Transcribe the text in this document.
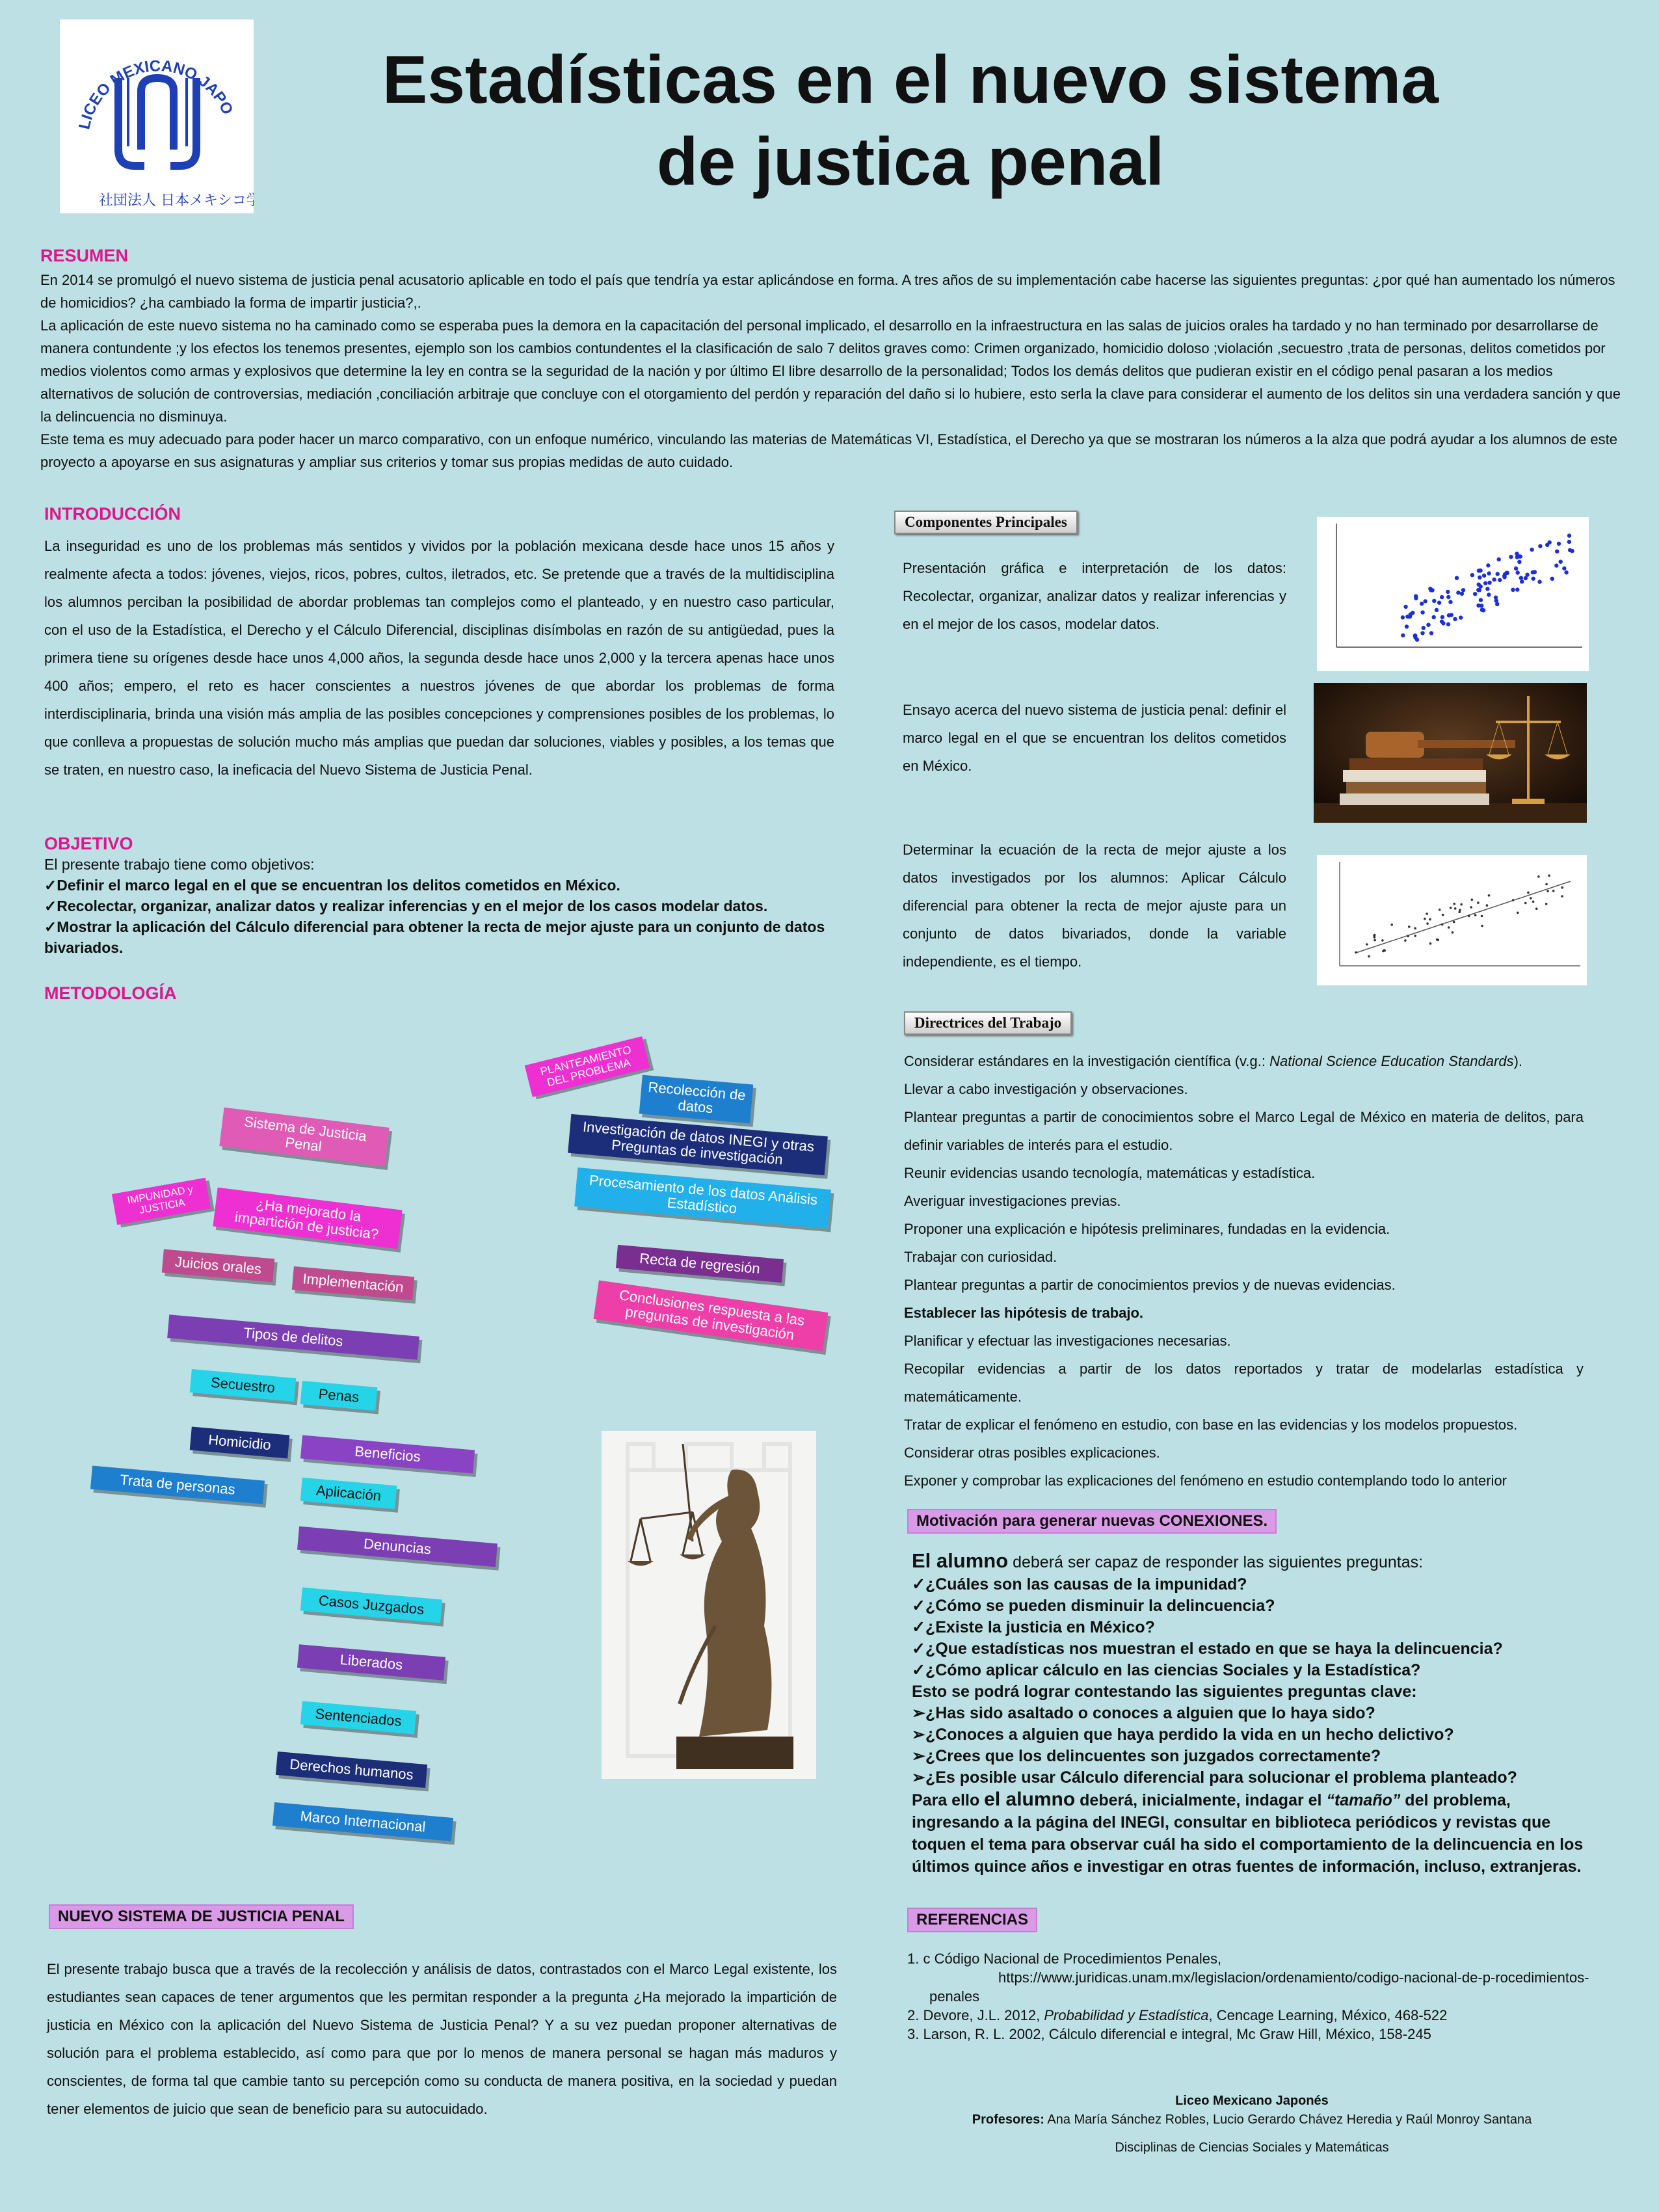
LICEO MEXICANO JAPO
社団法人 日本メキシコ学
Estadísticas en el nuevo sistema
de justica penal
RESUMEN
En 2014 se promulgó el nuevo sistema de justicia penal acusatorio aplicable en todo el país que tendría ya estar aplicándose en forma. A tres años de su implementación cabe hacerse las siguientes preguntas: ¿por qué han aumentado los números de homicidios? ¿ha cambiado la forma de impartir justicia?,.
La aplicación de este nuevo sistema no ha caminado como se esperaba pues la demora en la capacitación del personal implicado, el desarrollo en la infraestructura en las salas de juicios orales ha tardado y no han terminado por desarrollarse de manera contundente ;y los efectos los tenemos presentes, ejemplo son los cambios contundentes el la clasificación de salo 7 delitos graves como: Crimen organizado, homicidio doloso ;violación ,secuestro ,trata de personas, delitos cometidos por medios violentos como armas y explosivos que determine la ley en contra se la seguridad de la nación y por último El libre desarrollo de la personalidad; Todos los demás delitos que pudieran existir en el código penal pasaran a los medios alternativos de solución de controversias, mediación ,conciliación arbitraje que concluye con el otorgamiento del perdón y reparación del daño si lo hubiere, esto serla la clave para considerar el aumento de los delitos sin una verdadera sanción y que la delincuencia no disminuya.
Este tema es muy adecuado para poder hacer un marco comparativo, con un enfoque numérico, vinculando las materias de Matemáticas VI, Estadística, el Derecho ya que se mostraran los números a la alza que podrá ayudar a los alumnos de este proyecto a apoyarse en sus asignaturas y ampliar sus criterios y tomar sus propias medidas de auto cuidado.
INTRODUCCIÓN
La inseguridad es uno de los problemas más sentidos y vividos por la población mexicana desde hace unos 15 años y realmente afecta a todos: jóvenes, viejos, ricos, pobres, cultos, iletrados, etc. Se pretende que a través de la multidisciplina los alumnos perciban la posibilidad de abordar problemas tan complejos como el planteado, y en nuestro caso particular, con el uso de la Estadística, el Derecho y el Cálculo Diferencial, disciplinas disímbolas en razón de su antigüedad, pues la primera tiene su orígenes desde hace unos 4,000 años, la segunda desde hace unos 2,000 y la tercera apenas hace unos 400 años; empero, el reto es hacer conscientes a nuestros jóvenes de que abordar los problemas de forma interdisciplinaria, brinda una visión más amplia de las posibles concepciones y comprensiones posibles de los problemas, lo que conlleva a propuestas de solución mucho más amplias que puedan dar soluciones, viables y posibles, a los temas que se traten, en nuestro caso, la ineficacia del Nuevo Sistema de Justicia Penal.
OBJETIVO
El presente trabajo tiene como objetivos:
✓Definir el marco legal en el que se encuentran los delitos cometidos en México.
✓Recolectar, organizar, analizar datos y realizar inferencias y en el mejor de los casos modelar datos.
✓Mostrar la aplicación del Cálculo diferencial para obtener la recta de mejor ajuste para un conjunto de datos bivariados.
METODOLOGÍA
PLANTEAMIENTO DEL PROBLEMA
Recolección de datos
Investigación de datos INEGI y otras Preguntas de investigación
Procesamiento de los datos Análisis Estadístico
Recta de regresión
Conclusiones respuesta a las preguntas de investigación
Sistema de Justicia Penal
IMPUNIDAD y JUSTICIA	¿Ha mejorado la impartición de justicia?
Juicios orales
Implementación
Tipos de delitos
Secuestro	Penas
Homicidio
Beneficios
Trata de personas	Aplicación
Denuncias
Casos Juzgados
Liberados
Sentenciados
Derechos humanos
Marco Internacional
NUEVO SISTEMA DE JUSTICIA PENAL
El presente trabajo busca que a través de la recolección y análisis de datos, contrastados con el Marco Legal existente, los estudiantes sean capaces de tener argumentos que les permitan responder a la pregunta ¿Ha mejorado la impartición de justicia en México con la aplicación del Nuevo Sistema de Justicia Penal? Y a su vez puedan proponer alternativas de solución para el problema establecido, así como para que por lo menos de manera personal se hagan más maduros y conscientes, de forma tal que cambie tanto su percepción como su conducta de manera positiva, en la sociedad y puedan tener elementos de juicio que sean de beneficio para su autocuidado.
Componentes Principales
Presentación gráfica e interpretación de los datos: Recolectar, organizar, analizar datos y realizar inferencias y en el mejor de los casos, modelar datos.
Ensayo acerca del nuevo sistema de justicia penal: definir el marco legal en el que se encuentran los delitos cometidos en México.
Determinar la ecuación de la recta de mejor ajuste a los datos investigados por los alumnos: Aplicar Cálculo diferencial para obtener la recta de mejor ajuste para un conjunto de datos bivariados, donde la variable independiente, es el tiempo.
Directrices del Trabajo
Considerar estándares en la investigación científica (v.g.: National Science Education Standards).
Llevar a cabo investigación y observaciones.
Plantear preguntas a partir de conocimientos sobre el Marco Legal de México en materia de delitos, para definir variables de interés para el estudio.
Reunir evidencias usando tecnología, matemáticas y estadística.
Averiguar investigaciones previas.
Proponer una explicación e hipótesis preliminares, fundadas en la evidencia.
Trabajar con curiosidad.
Plantear preguntas a partir de conocimientos previos y de nuevas evidencias.
Establecer las hipótesis de trabajo.
Planificar y efectuar las investigaciones necesarias.
Recopilar evidencias a partir de los datos reportados y tratar de modelarlas estadística y matemáticamente.
Tratar de explicar el fenómeno en estudio, con base en las evidencias y los modelos propuestos.
Considerar otras posibles explicaciones.
Exponer y comprobar las explicaciones del fenómeno en estudio contemplando todo lo anterior
Motivación para generar nuevas CONEXIONES.
El alumno deberá ser capaz de responder las siguientes preguntas:
✓¿Cuáles son las causas de la impunidad?
✓¿Cómo se pueden disminuir la delincuencia?
✓¿Existe la justicia en México?
✓¿Que estadísticas nos muestran el estado en que se haya la delincuencia?
✓¿Cómo aplicar cálculo en las ciencias Sociales y la Estadística?
Esto se podrá lograr contestando las siguientes preguntas clave:
➢¿Has sido asaltado o conoces a alguien que lo haya sido?
➢¿Conoces a alguien que haya perdido la vida en un hecho delictivo?
➢¿Crees que los delincuentes son juzgados correctamente?
➢¿Es posible usar Cálculo diferencial para solucionar el problema planteado?
Para ello el alumno deberá, inicialmente, indagar el “tamaño” del problema, ingresando a la página del INEGI, consultar en biblioteca periódicos y revistas que toquen el tema para observar cuál ha sido el comportamiento de la delincuencia en los últimos quince años e investigar en otras fuentes de información, incluso, extranjeras.
REFERENCIAS
1. c Código Nacional de Procedimientos Penales,
https://www.juridicas.unam.mx/legislacion/ordenamiento/codigo-nacional-de-p-rocedimientos-
penales
2. Devore, J.L. 2012, Probabilidad y Estadística, Cencage Learning, México, 468-522
3. Larson, R. L. 2002, Cálculo diferencial e integral, Mc Graw Hill, México, 158-245
Liceo Mexicano Japonés
Profesores: Ana María Sánchez Robles, Lucio Gerardo Chávez Heredia y Raúl Monroy Santana
Disciplinas de Ciencias Sociales y Matemáticas
